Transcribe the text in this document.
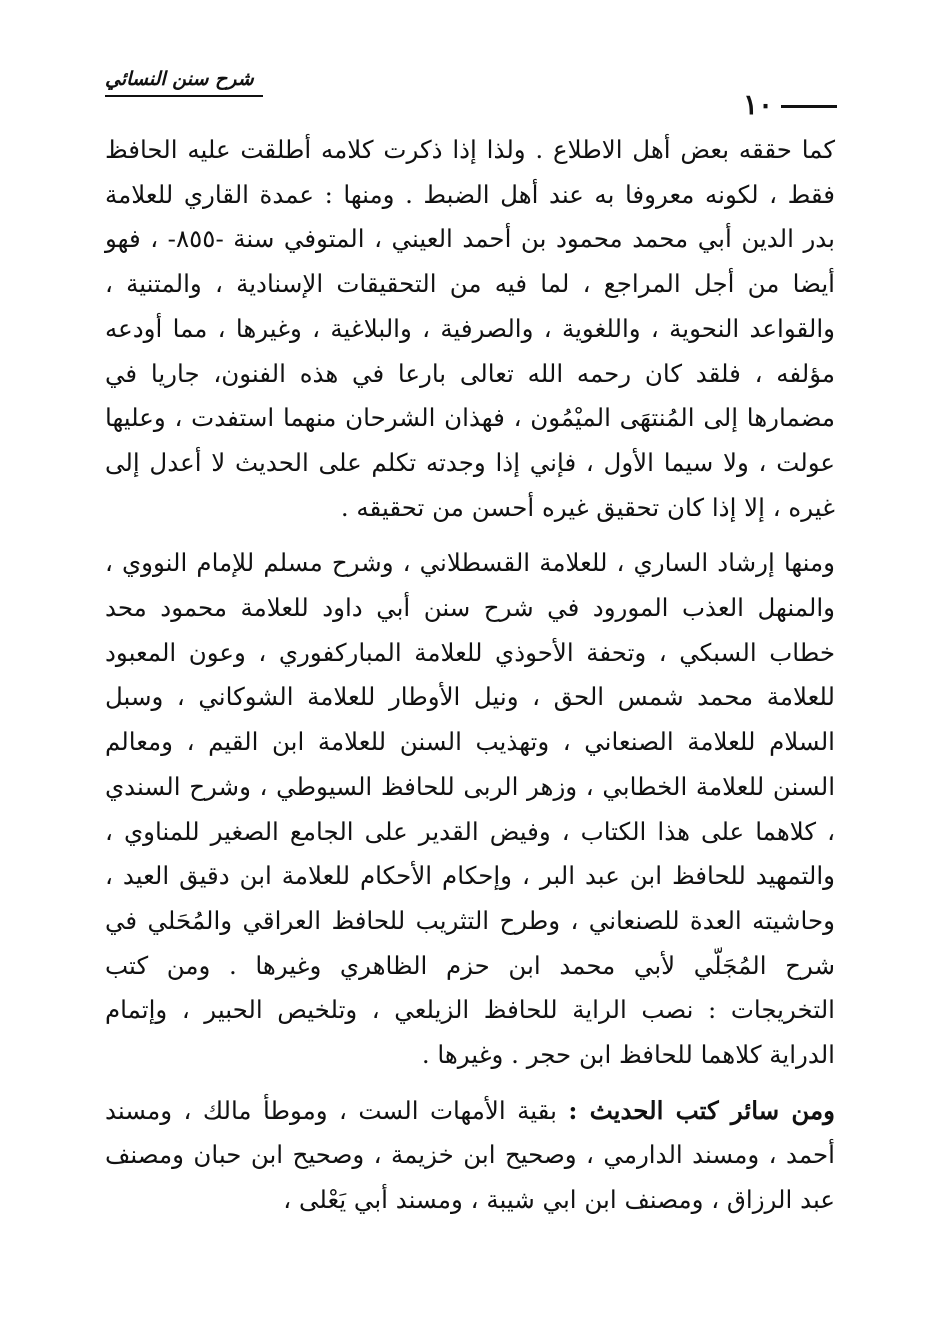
شرح سنن النسائي
١٠

كما حققه بعض أهل الاطلاع . ولذا إذا ذكرت كلامه أطلقت عليه الحافظ فقط ، لكونه معروفا به عند أهل الضبط . ومنها : عمدة القاري للعلامة بدر الدين أبي محمد محمود بن أحمد العيني ، المتوفي سنة -٨٥٥- ، فهو أيضا من أجل المراجع ، لما فيه من التحقيقات الإسنادية ، والمتنية ، والقواعد النحوية ، واللغوية ، والصرفية ، والبلاغية ، وغيرها ، مما أودعه مؤلفه ، فلقد كان رحمه الله تعالى بارعا في هذه الفنون، جاريا في مضمارها إلى المُنتهَى الميْمُون ، فهذان الشرحان منهما استفدت ، وعليها عولت ، ولا سيما الأول ، فإني إذا وجدته تكلم على الحديث لا أعدل إلى غيره ، إلا إذا كان تحقيق غيره أحسن من تحقيقه .

ومنها إرشاد الساري ، للعلامة القسطلاني ، وشرح مسلم للإمام النووي ، والمنهل العذب المورود في شرح سنن أبي داود للعلامة محمود محد خطاب السبكي ، وتحفة الأحوذي للعلامة المباركفوري ، وعون المعبود للعلامة محمد شمس الحق ، ونيل الأوطار للعلامة الشوكاني ، وسبل السلام للعلامة الصنعاني ، وتهذيب السنن للعلامة ابن القيم ، ومعالم السنن للعلامة الخطابي ، وزهر الربى للحافظ السيوطي ، وشرح السندي ، كلاهما على هذا الكتاب ، وفيض القدير على الجامع الصغير للمناوي ، والتمهيد للحافظ ابن عبد البر ، وإحكام الأحكام للعلامة ابن دقيق العيد ، وحاشيته العدة للصنعاني ، وطرح التثريب للحافظ العراقي والمُحَلي في شرح المُجَلّي لأبي محمد ابن حزم الظاهري وغيرها . ومن كتب التخريجات : نصب الراية للحافظ الزيلعي ، وتلخيص الحبير ، وإتمام الدراية كلاهما للحافظ ابن حجر . وغيرها .

ومن سائر كتب الحديث : بقية الأمهات الست ، وموطأ مالك ، ومسند أحمد ، ومسند الدارمي ، وصحيح ابن خزيمة ، وصحيح ابن حبان ومصنف عبد الرزاق ، ومصنف ابن ابي شيبة ، ومسند أبي يَعْلى ،
